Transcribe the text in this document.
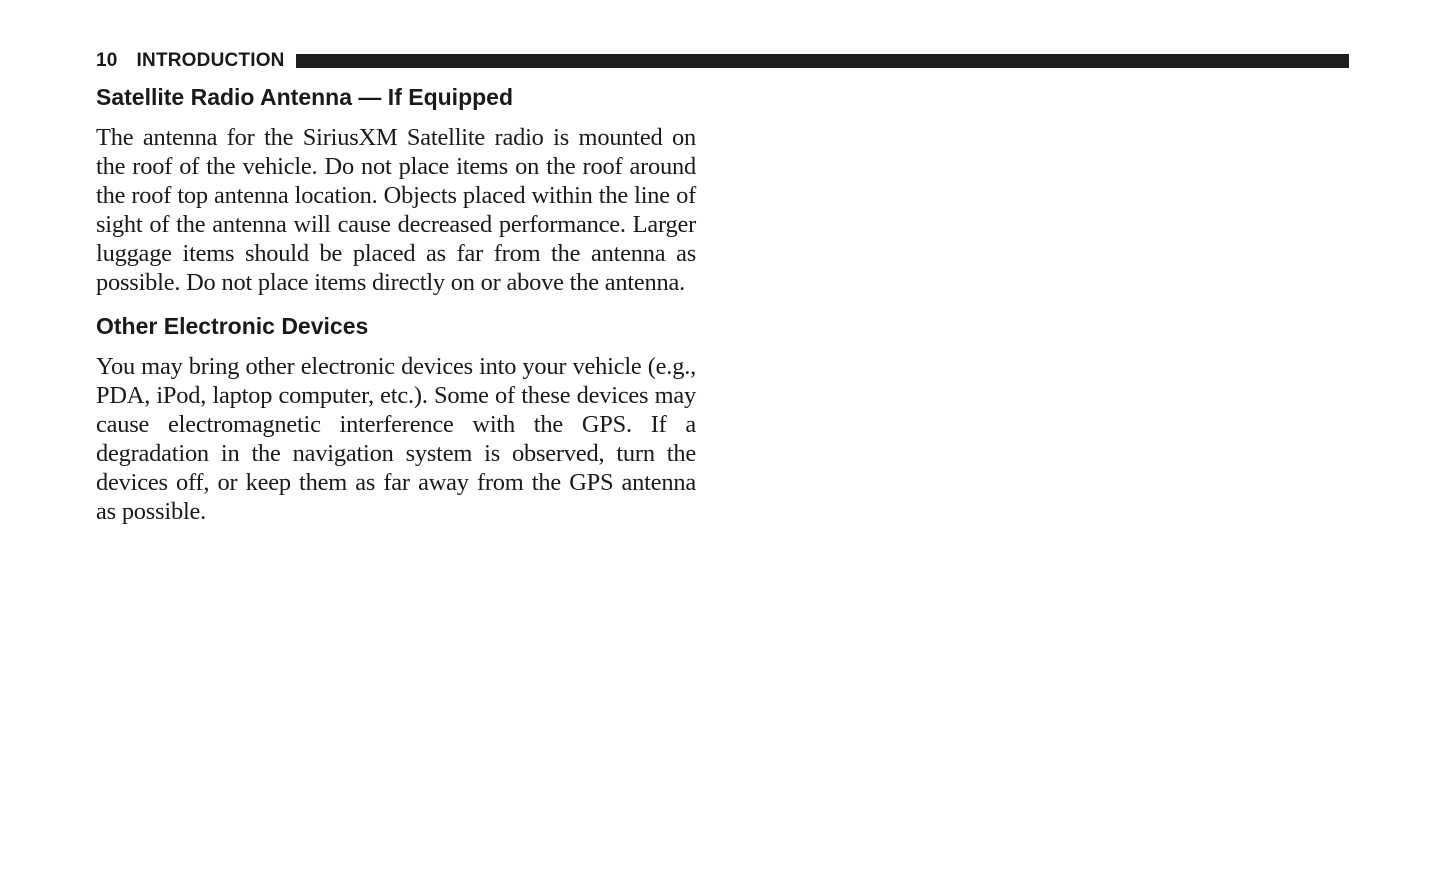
10 INTRODUCTION
Satellite Radio Antenna — If Equipped

The antenna for the SiriusXM Satellite radio is mounted on the roof of the vehicle. Do not place items on the roof around the roof top antenna location. Objects placed within the line of sight of the antenna will cause decreased performance. Larger luggage items should be placed as far from the antenna as possible. Do not place items directly on or above the antenna.

Other Electronic Devices

You may bring other electronic devices into your vehicle (e.g., PDA, iPod, laptop computer, etc.). Some of these devices may cause electromagnetic interference with the GPS. If a degradation in the navigation system is observed, turn the devices off, or keep them as far away from the GPS antenna as possible.
